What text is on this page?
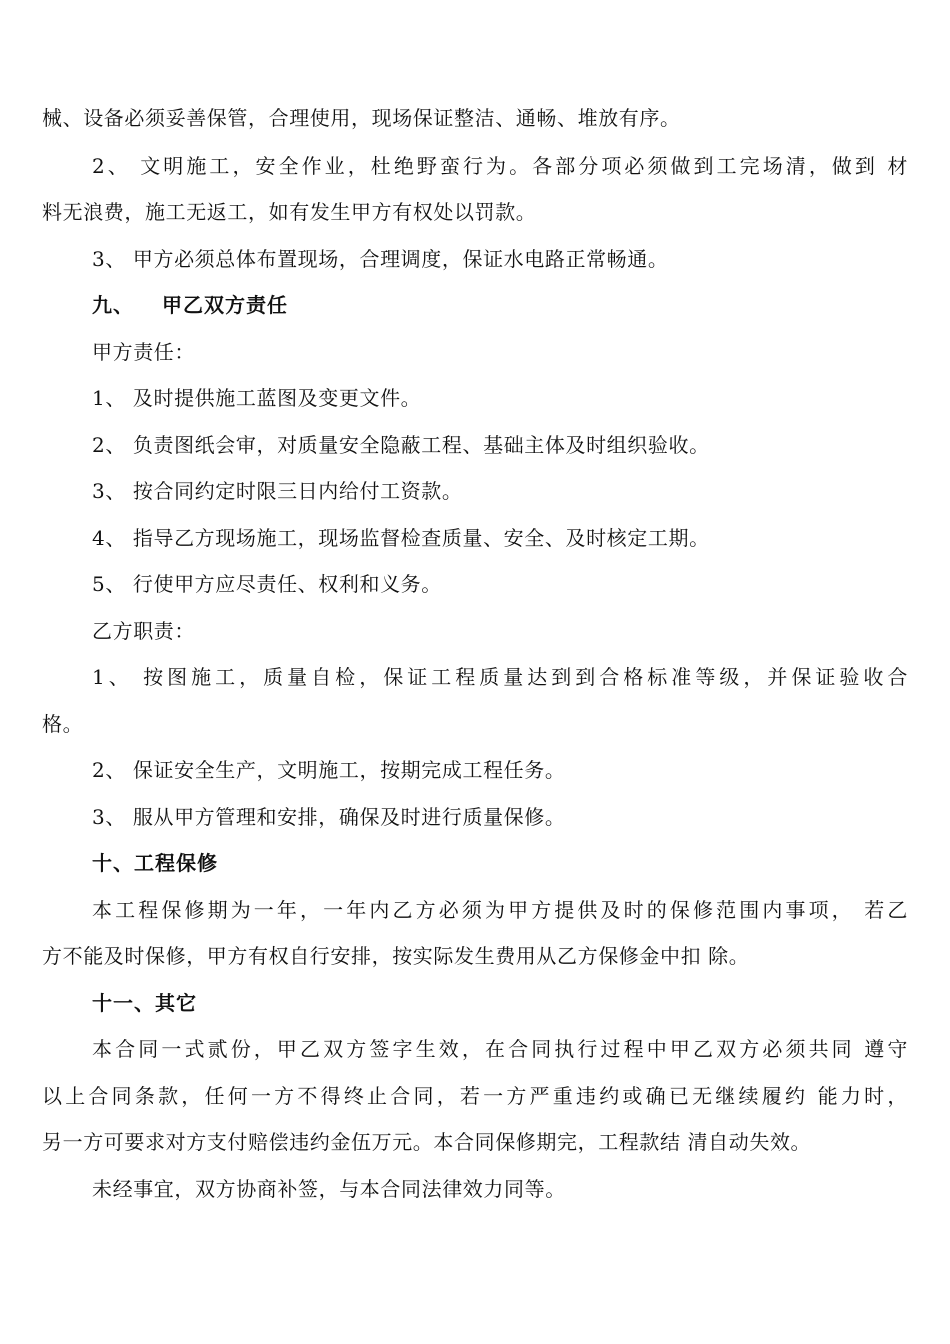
械、设备必须妥善保管，合理使用，现场保证整洁、通畅、堆放有序。
2、 文明施工，安全作业，杜绝野蛮行为。各部分项必须做到工完场清，做到 材
料无浪费，施工无返工，如有发生甲方有权处以罚款。
3、 甲方必须总体布置现场，合理调度，保证水电路正常畅通。
九、 甲乙双方责任
甲方责任：
1、 及时提供施工蓝图及变更文件。
2、 负责图纸会审，对质量安全隐蔽工程、基础主体及时组织验收。
3、 按合同约定时限三日内给付工资款。
4、 指导乙方现场施工，现场监督检查质量、安全、及时核定工期。
5、 行使甲方应尽责任、权利和义务。
乙方职责：
1、 按图施工，质量自检，保证工程质量达到到合格标准等级，并保证验收合
格。
2、 保证安全生产，文明施工，按期完成工程任务。
3、 服从甲方管理和安排，确保及时进行质量保修。
十、工程保修
本工程保修期为一年，一年内乙方必须为甲方提供及时的保修范围内事项， 若乙
方不能及时保修，甲方有权自行安排，按实际发生费用从乙方保修金中扣 除。
十一、其它
本合同一式贰份，甲乙双方签字生效，在合同执行过程中甲乙双方必须共同 遵守
以上合同条款，任何一方不得终止合同，若一方严重违约或确已无继续履约 能力时，
另一方可要求对方支付赔偿违约金伍万元。本合同保修期完，工程款结 清自动失效。
未经事宜，双方协商补签，与本合同法律效力同等。
